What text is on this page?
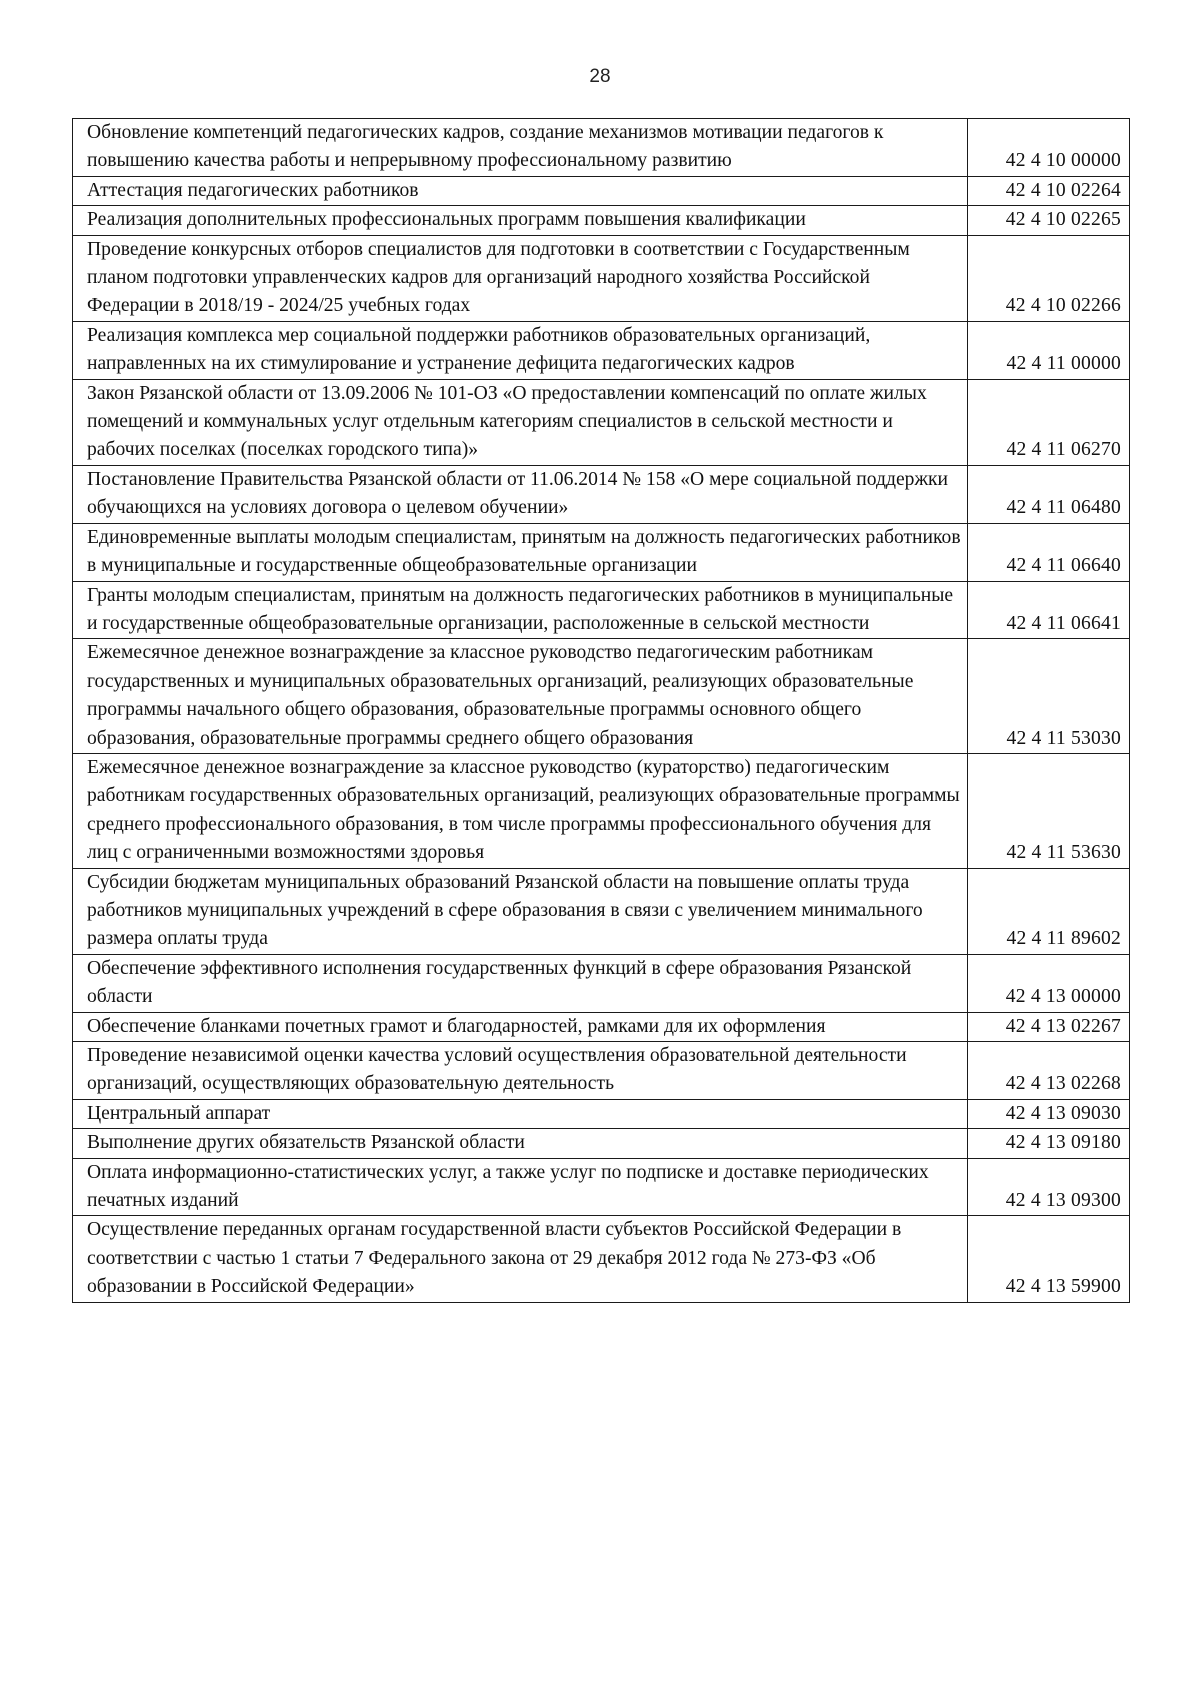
28
Обновление компетенций педагогических кадров, создание механизмов мотивации педагогов к повышению качества работы и непрерывному профессиональному развитию	42 4 10 00000
Аттестация педагогических работников	42 4 10 02264
Реализация дополнительных профессиональных программ повышения квалификации	42 4 10 02265
Проведение конкурсных отборов специалистов для подготовки в соответствии с Государственным планом подготовки управленческих кадров для организаций народного хозяйства Российской Федерации в 2018/19 - 2024/25 учебных годах	42 4 10 02266
Реализация комплекса мер социальной поддержки работников образовательных организаций, направленных на их стимулирование и устранение дефицита педагогических кадров	42 4 11 00000
Закон Рязанской области от 13.09.2006 № 101-ОЗ «О предоставлении компенсаций по оплате жилых помещений и коммунальных услуг отдельным категориям специалистов в сельской местности и рабочих поселках (поселках городского типа)»	42 4 11 06270
Постановление Правительства Рязанской области от 11.06.2014 № 158 «О мере социальной поддержки обучающихся на условиях договора о целевом обучении»	42 4 11 06480
Единовременные выплаты молодым специалистам, принятым на должность педагогических работников в муниципальные и государственные общеобразовательные организации	42 4 11 06640
Гранты молодым специалистам, принятым на должность педагогических работников в муниципальные и государственные общеобразовательные организации, расположенные в сельской местности	42 4 11 06641
Ежемесячное денежное вознаграждение за классное руководство педагогическим работникам государственных и муниципальных образовательных организаций, реализующих образовательные программы начального общего образования, образовательные программы основного общего образования, образовательные программы среднего общего образования	42 4 11 53030
Ежемесячное денежное вознаграждение за классное руководство (кураторство) педагогическим работникам государственных образовательных организаций, реализующих образовательные программы среднего профессионального образования, в том числе программы профессионального обучения для лиц с ограниченными возможностями здоровья	42 4 11 53630
Субсидии бюджетам муниципальных образований Рязанской области на повышение оплаты труда работников муниципальных учреждений в сфере образования в связи с увеличением минимального размера оплаты труда	42 4 11 89602
Обеспечение эффективного исполнения государственных функций в сфере образования Рязанской области	42 4 13 00000
Обеспечение бланками почетных грамот и благодарностей, рамками для их оформления	42 4 13 02267
Проведение независимой оценки качества условий осуществления образовательной деятельности организаций, осуществляющих образовательную деятельность	42 4 13 02268
Центральный аппарат	42 4 13 09030
Выполнение других обязательств Рязанской области	42 4 13 09180
Оплата информационно-статистических услуг, а также услуг по подписке и доставке периодических печатных изданий	42 4 13 09300
Осуществление переданных органам государственной власти субъектов Российской Федерации в соответствии с частью 1 статьи 7 Федерального закона от 29 декабря 2012 года № 273-ФЗ «Об образовании в Российской Федерации»	42 4 13 59900
